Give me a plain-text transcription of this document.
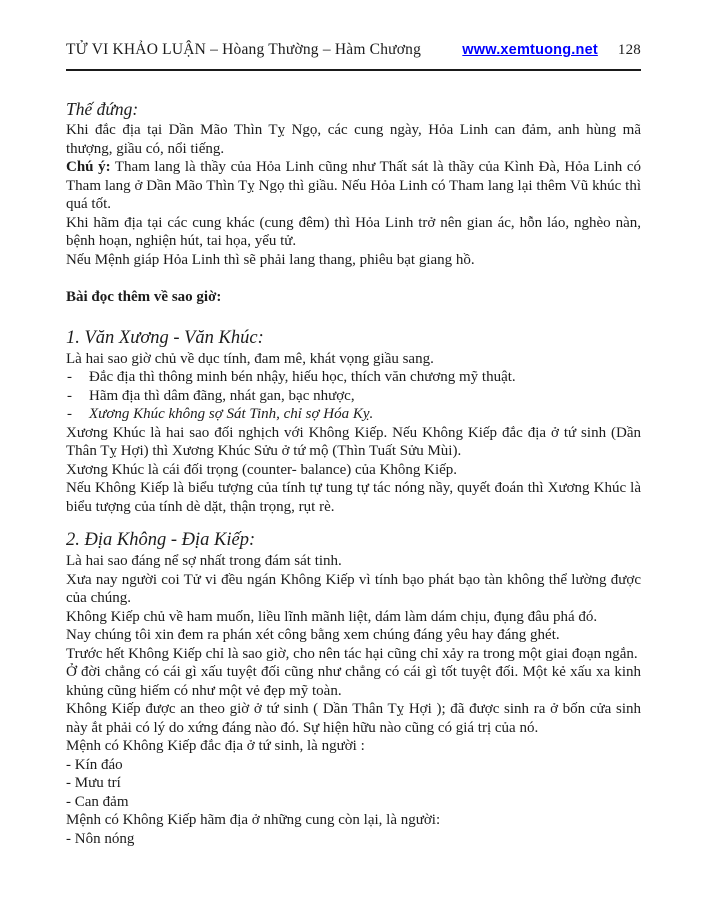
TỬ VI KHẢO LUẬN – Hòang Thường – Hàm Chương	www.xemtuong.net 128

Thế đứng:

Khi đắc địa tại Dần Mão Thìn Tỵ Ngọ, các cung ngày, Hỏa Linh can đảm, anh hùng mã thượng, giầu có, nổi tiếng.

Chú ý: Tham lang là thầy của Hỏa Linh cũng như Thất sát là thầy của Kình Đà, Hỏa Linh có Tham lang ở Dần Mão Thìn Tỵ Ngọ thì giầu. Nếu Hỏa Linh có Tham lang lại thêm Vũ khúc thì quá tốt.

Khi hãm địa tại các cung khác (cung đêm) thì Hỏa Linh trở nên gian ác, hỗn láo, nghèo nàn, bệnh hoạn, nghiện hút, tai họa, yểu tử.

Nếu Mệnh giáp Hỏa Linh thì sẽ phải lang thang, phiêu bạt giang hồ.

Bài đọc thêm về sao giờ:

1. Văn Xương - Văn Khúc:

Là hai sao giờ chủ về dục tính, đam mê, khát vọng giầu sang.

-	Đắc địa thì thông minh bén nhậy, hiếu học, thích văn chương mỹ thuật.
-	Hãm địa thì dâm đãng, nhát gan, bạc nhược,
-	Xương Khúc không sợ Sát Tinh, chỉ sợ Hóa Kỵ.

Xương Khúc là hai sao đối nghịch với Không Kiếp. Nếu Không Kiếp đắc địa ở tứ sinh (Dần Thân Tỵ Hợi) thì Xương Khúc Sửu ở tứ mộ (Thìn Tuất Sửu Mùi).

Xương Khúc là cái đối trọng (counter- balance) của Không Kiếp.

Nếu Không Kiếp là biểu tượng của tính tự tung tự tác nóng nầy, quyết đoán thì Xương Khúc là biểu tượng của tính dè dặt, thận trọng, rụt rè.

2. Địa Không - Địa Kiếp:

Là hai sao đáng nể sợ nhất trong đám sát tinh.

Xưa nay người coi Tử vi đều ngán Không Kiếp vì tính bạo phát bạo tàn không thể lường được của chúng.

Không Kiếp chủ về ham muốn, liều lĩnh mãnh liệt, dám làm dám chịu, đụng đâu phá đó.

Nay chúng tôi xin đem ra phán xét công bằng xem chúng đáng yêu hay đáng ghét.

Trước hết Không Kiếp chỉ là sao giờ, cho nên tác hại cũng chỉ xảy ra trong một giai đoạn ngắn.

Ở đời chẳng có cái gì xấu tuyệt đối cũng như chẳng có cái gì tốt tuyệt đối. Một kẻ xấu xa kinh khủng cũng hiếm có như một vẻ đẹp mỹ toàn.

Không Kiếp được an theo giờ ở tứ sinh ( Dần Thân Tỵ Hợi ); đã được sinh ra ở bốn cửa sinh này ắt phải có lý do xứng đáng nào đó. Sự hiện hữu nào cũng có giá trị của nó.

Mệnh có Không Kiếp đắc địa ở tứ sinh, là người :

- Kín đáo

- Mưu trí

- Can đảm

Mệnh có Không Kiếp hãm địa ở những cung còn lại, là người:

- Nôn nóng
